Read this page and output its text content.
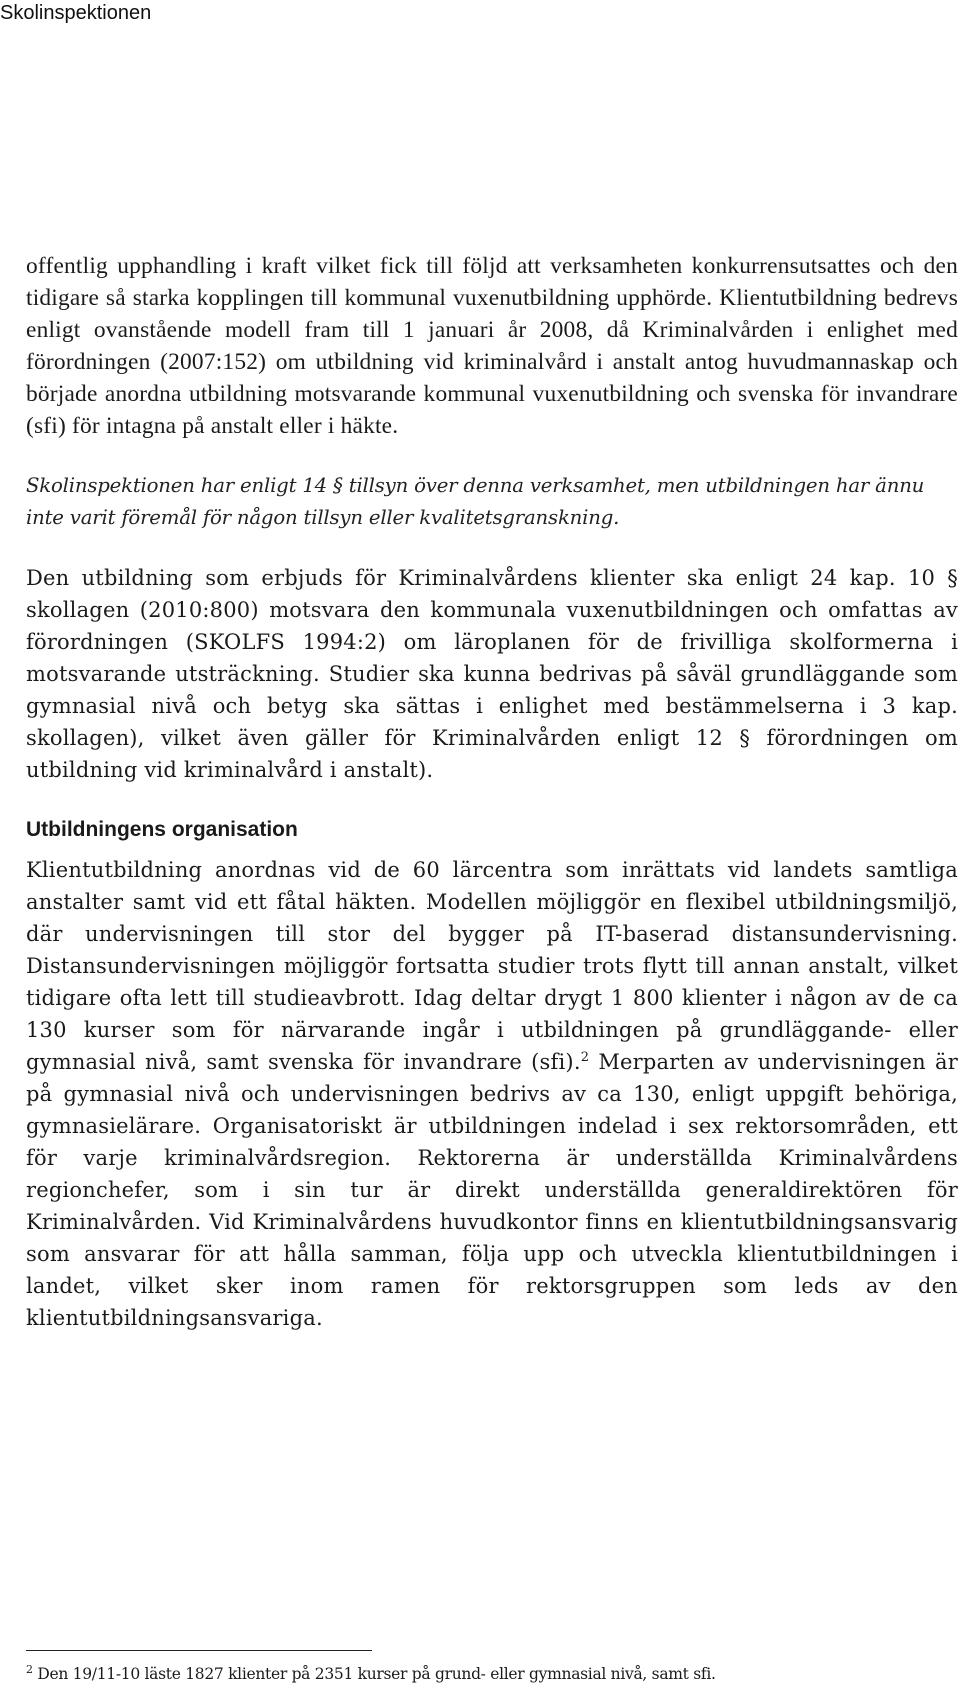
Skolinspektionen

offentlig upphandling i kraft vilket fick till följd att verksamheten konkurrensutsattes och den tidigare så starka kopplingen till kommunal vuxenutbildning upphörde. Klientutbildning bedrevs enligt ovanstående modell fram till 1 januari år 2008, då Kriminalvården i enlighet med förordningen (2007:152) om utbildning vid kriminalvård i anstalt antog huvudmannaskap och började anordna utbildning motsvarande kommunal vuxenutbildning och svenska för invandrare (sfi) för intagna på anstalt eller i häkte.

Skolinspektionen har enligt 14 § tillsyn över denna verksamhet, men utbildningen har ännu inte varit föremål för någon tillsyn eller kvalitetsgranskning.

Den utbildning som erbjuds för Kriminalvårdens klienter ska enligt 24 kap. 10 § skollagen (2010:800) motsvara den kommunala vuxenutbildningen och omfattas av förordningen (SKOLFS 1994:2) om läroplanen för de frivilliga skolformerna i motsvarande utsträckning. Studier ska kunna bedrivas på såväl grundläggande som gymnasial nivå och betyg ska sättas i enlighet med bestämmelserna i 3 kap. skollagen), vilket även gäller för Kriminalvården enligt 12 § förordningen om utbildning vid kriminalvård i anstalt).

Utbildningens organisation

Klientutbildning anordnas vid de 60 lärcentra som inrättats vid landets samtliga anstalter samt vid ett fåtal häkten. Modellen möjliggör en flexibel utbildningsmiljö, där undervisningen till stor del bygger på IT-baserad distansundervisning. Distansundervisningen möjliggör fortsatta studier trots flytt till annan anstalt, vilket tidigare ofta lett till studieavbrott. Idag deltar drygt 1 800 klienter i någon av de ca 130 kurser som för närvarande ingår i utbildningen på grundläggande- eller gymnasial nivå, samt svenska för invandrare (sfi).$^2$ Merparten av undervisningen är på gymnasial nivå och undervisningen bedrivs av ca 130, enligt uppgift behöriga, gymnasielärare. Organisatoriskt är utbildningen indelad i sex rektorsområden, ett för varje kriminalvårdsregion. Rektorerna är underställda Kriminalvårdens regionchefer, som i sin tur är direkt underställda generaldirektören för Kriminalvården. Vid Kriminalvårdens huvudkontor finns en klientutbildningsansvarig som ansvarar för att hålla samman, följa upp och utveckla klientutbildningen i landet, vilket sker inom ramen för rektorsgruppen som leds av den klientutbildningsansvariga.

$^2$ Den 19/11-10 läste 1827 klienter på 2351 kurser på grund- eller gymnasial nivå, samt sfi.
